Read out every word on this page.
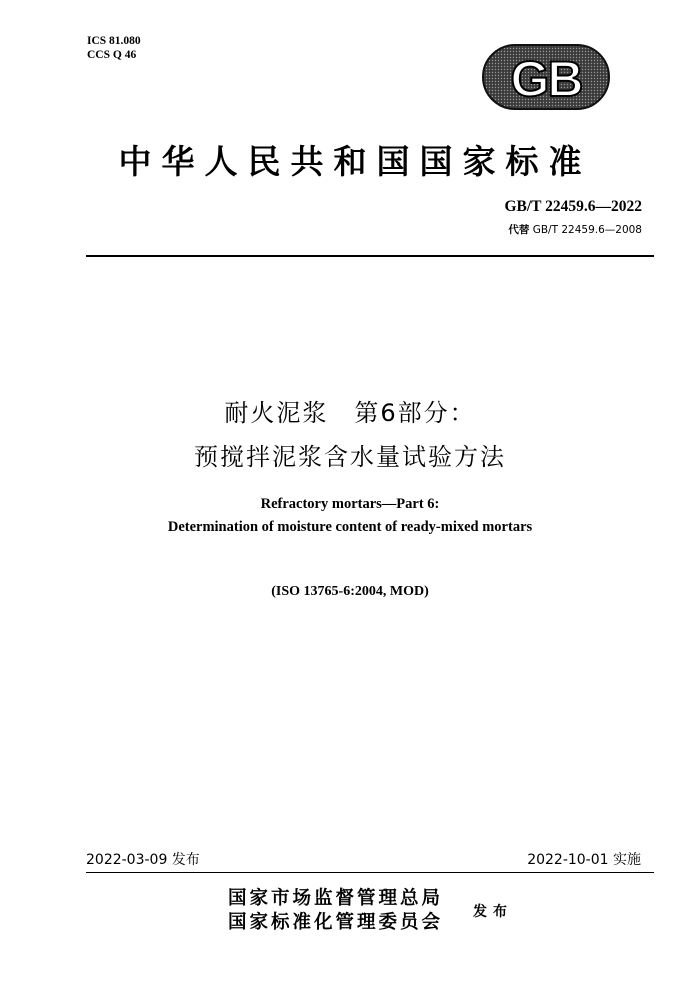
ICS 81.080
CCS Q 46	GB
中华人民共和国国家标准
GB/T 22459.6—2022
代替 GB/T 22459.6—2008
耐火泥浆　第6部分：
预搅拌泥浆含水量试验方法
Refractory mortars—Part 6:
Determination of moisture content of ready-mixed mortars
(ISO 13765-6:2004, MOD)
2022-03-09 发布	2022-10-01 实施
国家市场监督管理总局
国家标准化管理委员会 发布
